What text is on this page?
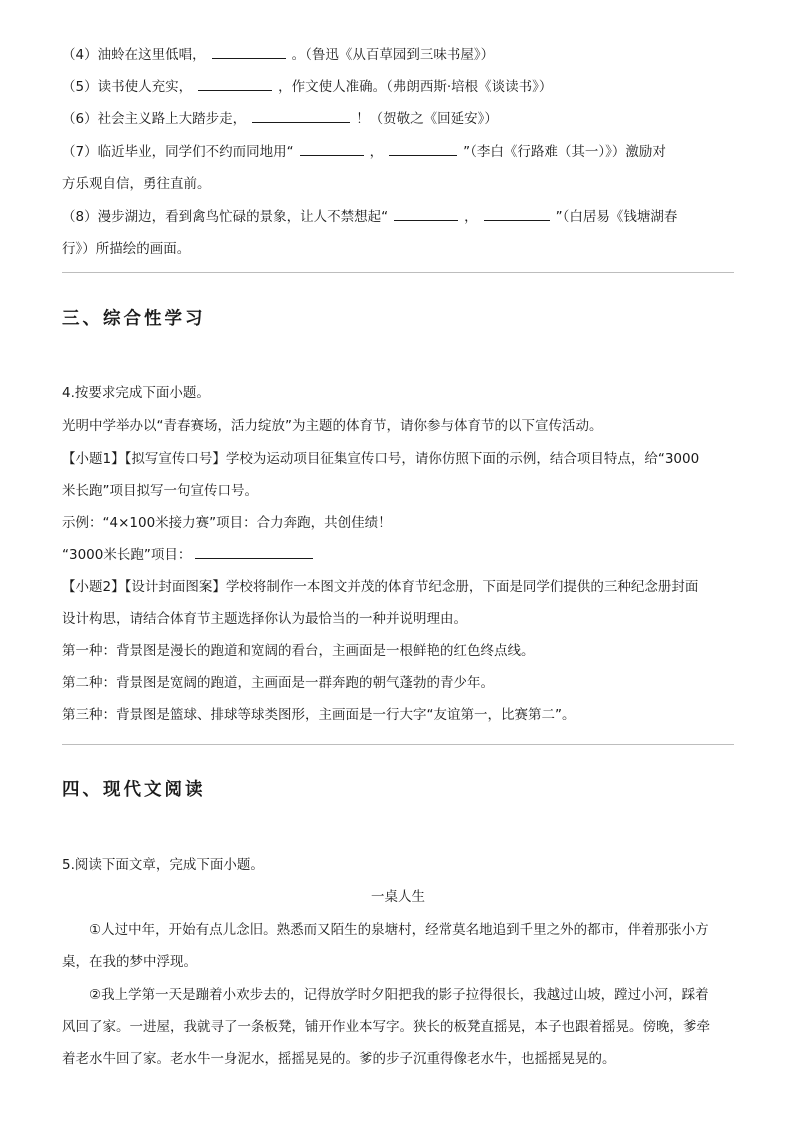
（4）油蛉在这里低唱，	。（鲁迅《从百草园到三味书屋》）
（5）读书使人充实，	，作文使人准确。（弗朗西斯·培根《谈读书》）
（6）社会主义路上大踏步走，	！（贺敬之《回延安》）
（7）临近毕业，同学们不约而同地用“	，	”（李白《行路难（其一）》）激励对
方乐观自信，勇往直前。
（8）漫步湖边，看到禽鸟忙碌的景象，让人不禁想起“	，	”（白居易《钱塘湖春
行》）所描绘的画面。
三、综合性学习
4.按要求完成下面小题。
光明中学举办以“青春赛场，活力绽放”为主题的体育节，请你参与体育节的以下宣传活动。
【小题1】【拟写宣传口号】学校为运动项目征集宣传口号，请你仿照下面的示例，结合项目特点，给“3000
米长跑”项目拟写一句宣传口号。
示例：“4×100米接力赛”项目：合力奔跑，共创佳绩！
“3000米长跑”项目：
【小题2】【设计封面图案】学校将制作一本图文并茂的体育节纪念册，下面是同学们提供的三种纪念册封面
设计构思，请结合体育节主题选择你认为最恰当的一种并说明理由。
第一种：背景图是漫长的跑道和宽阔的看台，主画面是一根鲜艳的红色终点线。
第二种：背景图是宽阔的跑道，主画面是一群奔跑的朝气蓬勃的青少年。
第三种：背景图是篮球、排球等球类图形，主画面是一行大字“友谊第一，比赛第二”。
四、现代文阅读
5.阅读下面文章，完成下面小题。
一桌人生
①人过中年，开始有点儿念旧。熟悉而又陌生的泉塘村，经常莫名地追到千里之外的都市，伴着那张小方
桌，在我的梦中浮现。
②我上学第一天是蹦着小欢步去的，记得放学时夕阳把我的影子拉得很长，我越过山坡，蹚过小河，踩着
风回了家。一进屋，我就寻了一条板凳，铺开作业本写字。狭长的板凳直摇晃，本子也跟着摇晃。傍晚，爹牵
着老水牛回了家。老水牛一身泥水，摇摇晃晃的。爹的步子沉重得像老水牛，也摇摇晃晃的。
